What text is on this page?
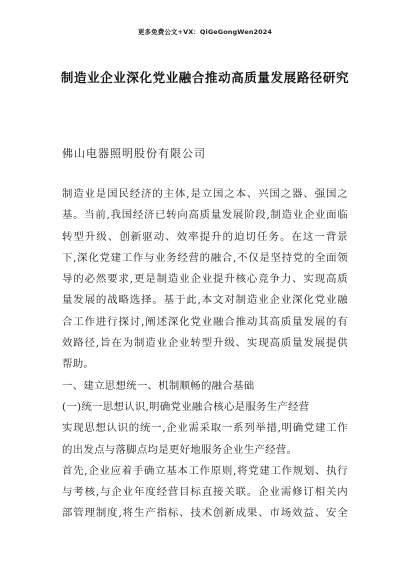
更多免费公文+VX：QiGeGongWen2024
制造业企业深化党业融合推动高质量发展路径研究
佛山电器照明股份有限公司
制造业是国民经济的主体,是立国之本、兴国之器、强国之
基。当前,我国经济已转向高质量发展阶段,制造业企业面临
转型升级、创新驱动、效率提升的迫切任务。在这一背景
下,深化党建工作与业务经营的融合,不仅是坚持党的全面领
导的必然要求,更是制造业企业提升核心竞争力、实现高质
量发展的战略选择。基于此,本文对制造业企业深化党业融
合工作进行探讨,阐述深化党业融合推动其高质量发展的有
效路径,旨在为制造业企业转型升级、实现高质量发展提供
帮助。
一、建立思想统一、机制顺畅的融合基础
(一)统一思想认识,明确党业融合核心是服务生产经营
实现思想认识的统一,企业需采取一系列举措,明确党建工作
的出发点与落脚点均是更好地服务企业生产经营。
首先,企业应着手确立基本工作原则,将党建工作规划、执行
与考核,与企业年度经营目标直接关联。企业需修订相关内
部管理制度,将生产指标、技术创新成果、市场效益、安全
